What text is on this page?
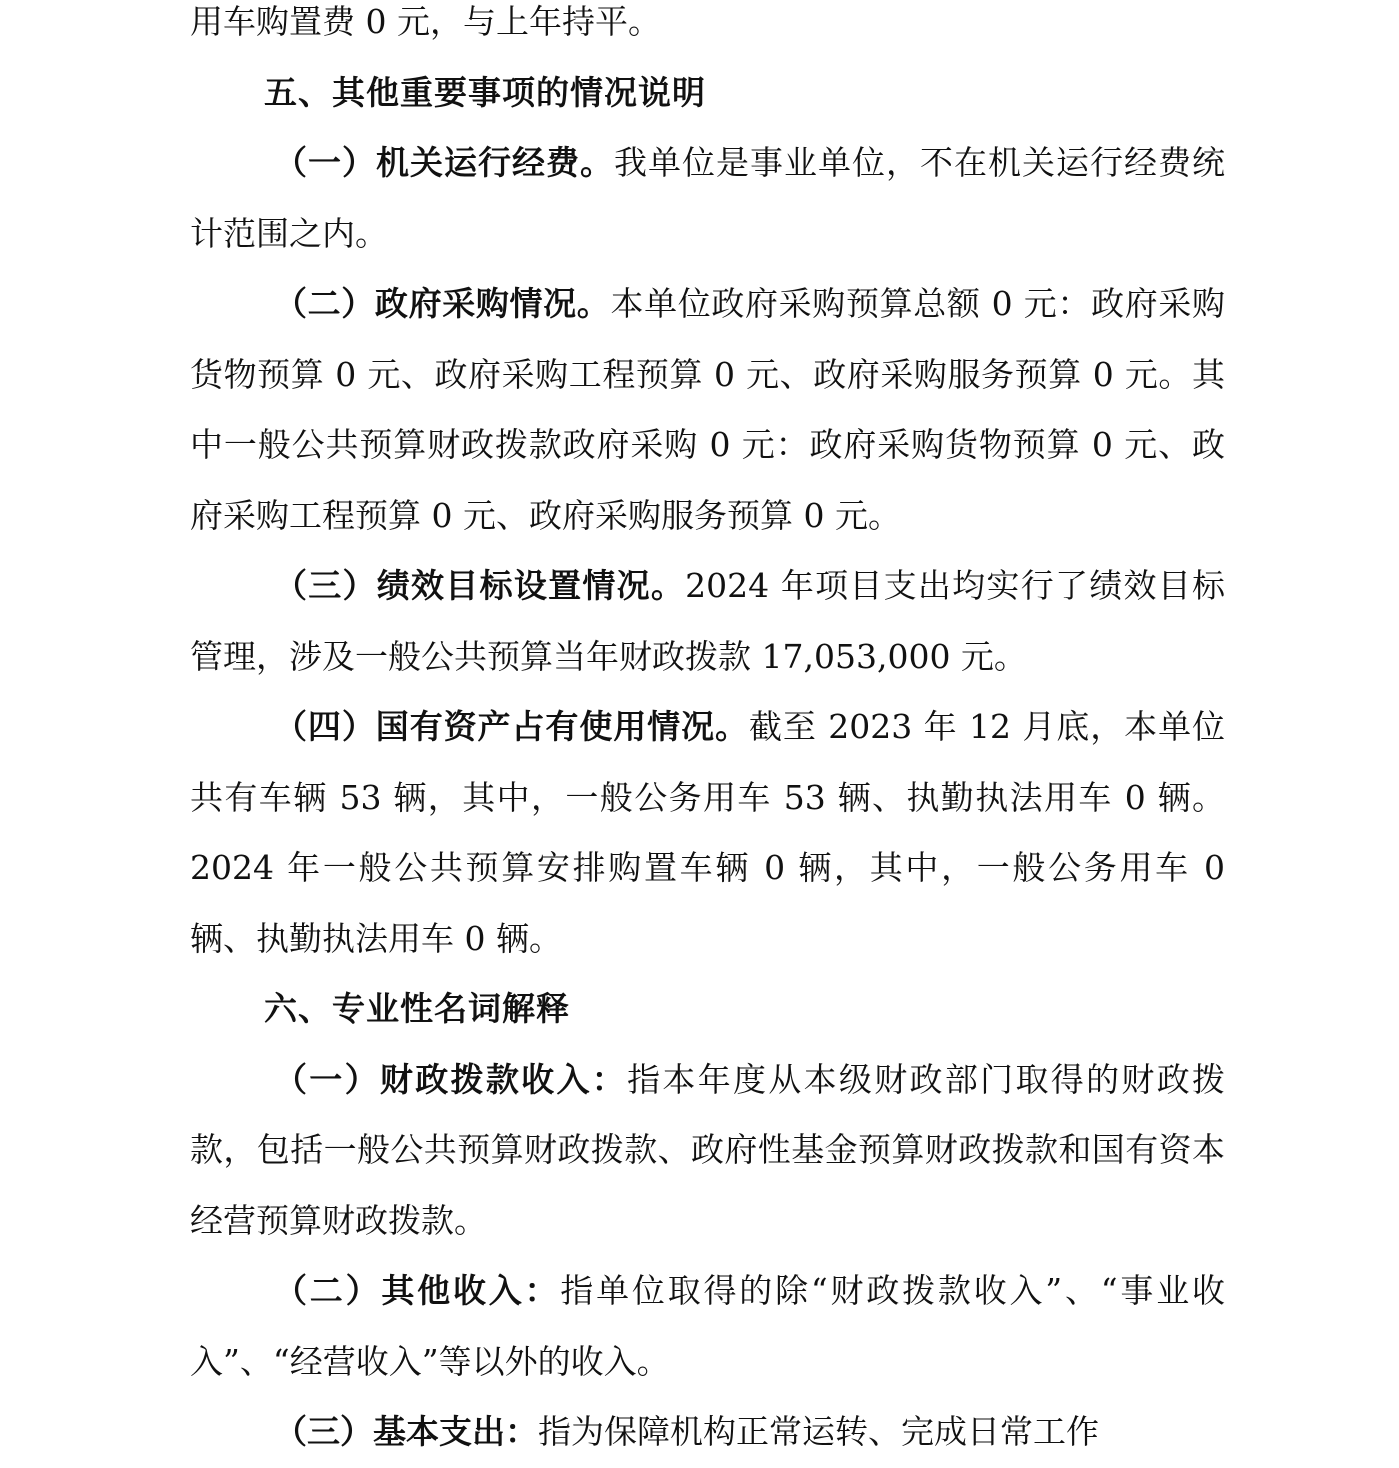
用车购置费 0 元，与上年持平。

五、其他重要事项的情况说明

（一）机关运行经费。我单位是事业单位，不在机关运行经费统计范围之内。

（二）政府采购情况。本单位政府采购预算总额 0 元：政府采购货物预算 0 元、政府采购工程预算 0 元、政府采购服务预算 0 元。其中一般公共预算财政拨款政府采购 0 元：政府采购货物预算 0 元、政府采购工程预算 0 元、政府采购服务预算 0 元。

（三）绩效目标设置情况。2024 年项目支出均实行了绩效目标管理，涉及一般公共预算当年财政拨款 17,053,000 元。

（四）国有资产占有使用情况。截至 2023 年 12 月底，本单位共有车辆 53 辆，其中，一般公务用车 53 辆、执勤执法用车 0 辆。2024 年一般公共预算安排购置车辆 0 辆，其中，一般公务用车 0 辆、执勤执法用车 0 辆。

六、专业性名词解释

（一）财政拨款收入：指本年度从本级财政部门取得的财政拨款，包括一般公共预算财政拨款、政府性基金预算财政拨款和国有资本经营预算财政拨款。

（二）其他收入：指单位取得的除“财政拨款收入”、“事业收入”、“经营收入”等以外的收入。

（三）基本支出：指为保障机构正常运转、完成日常工作
